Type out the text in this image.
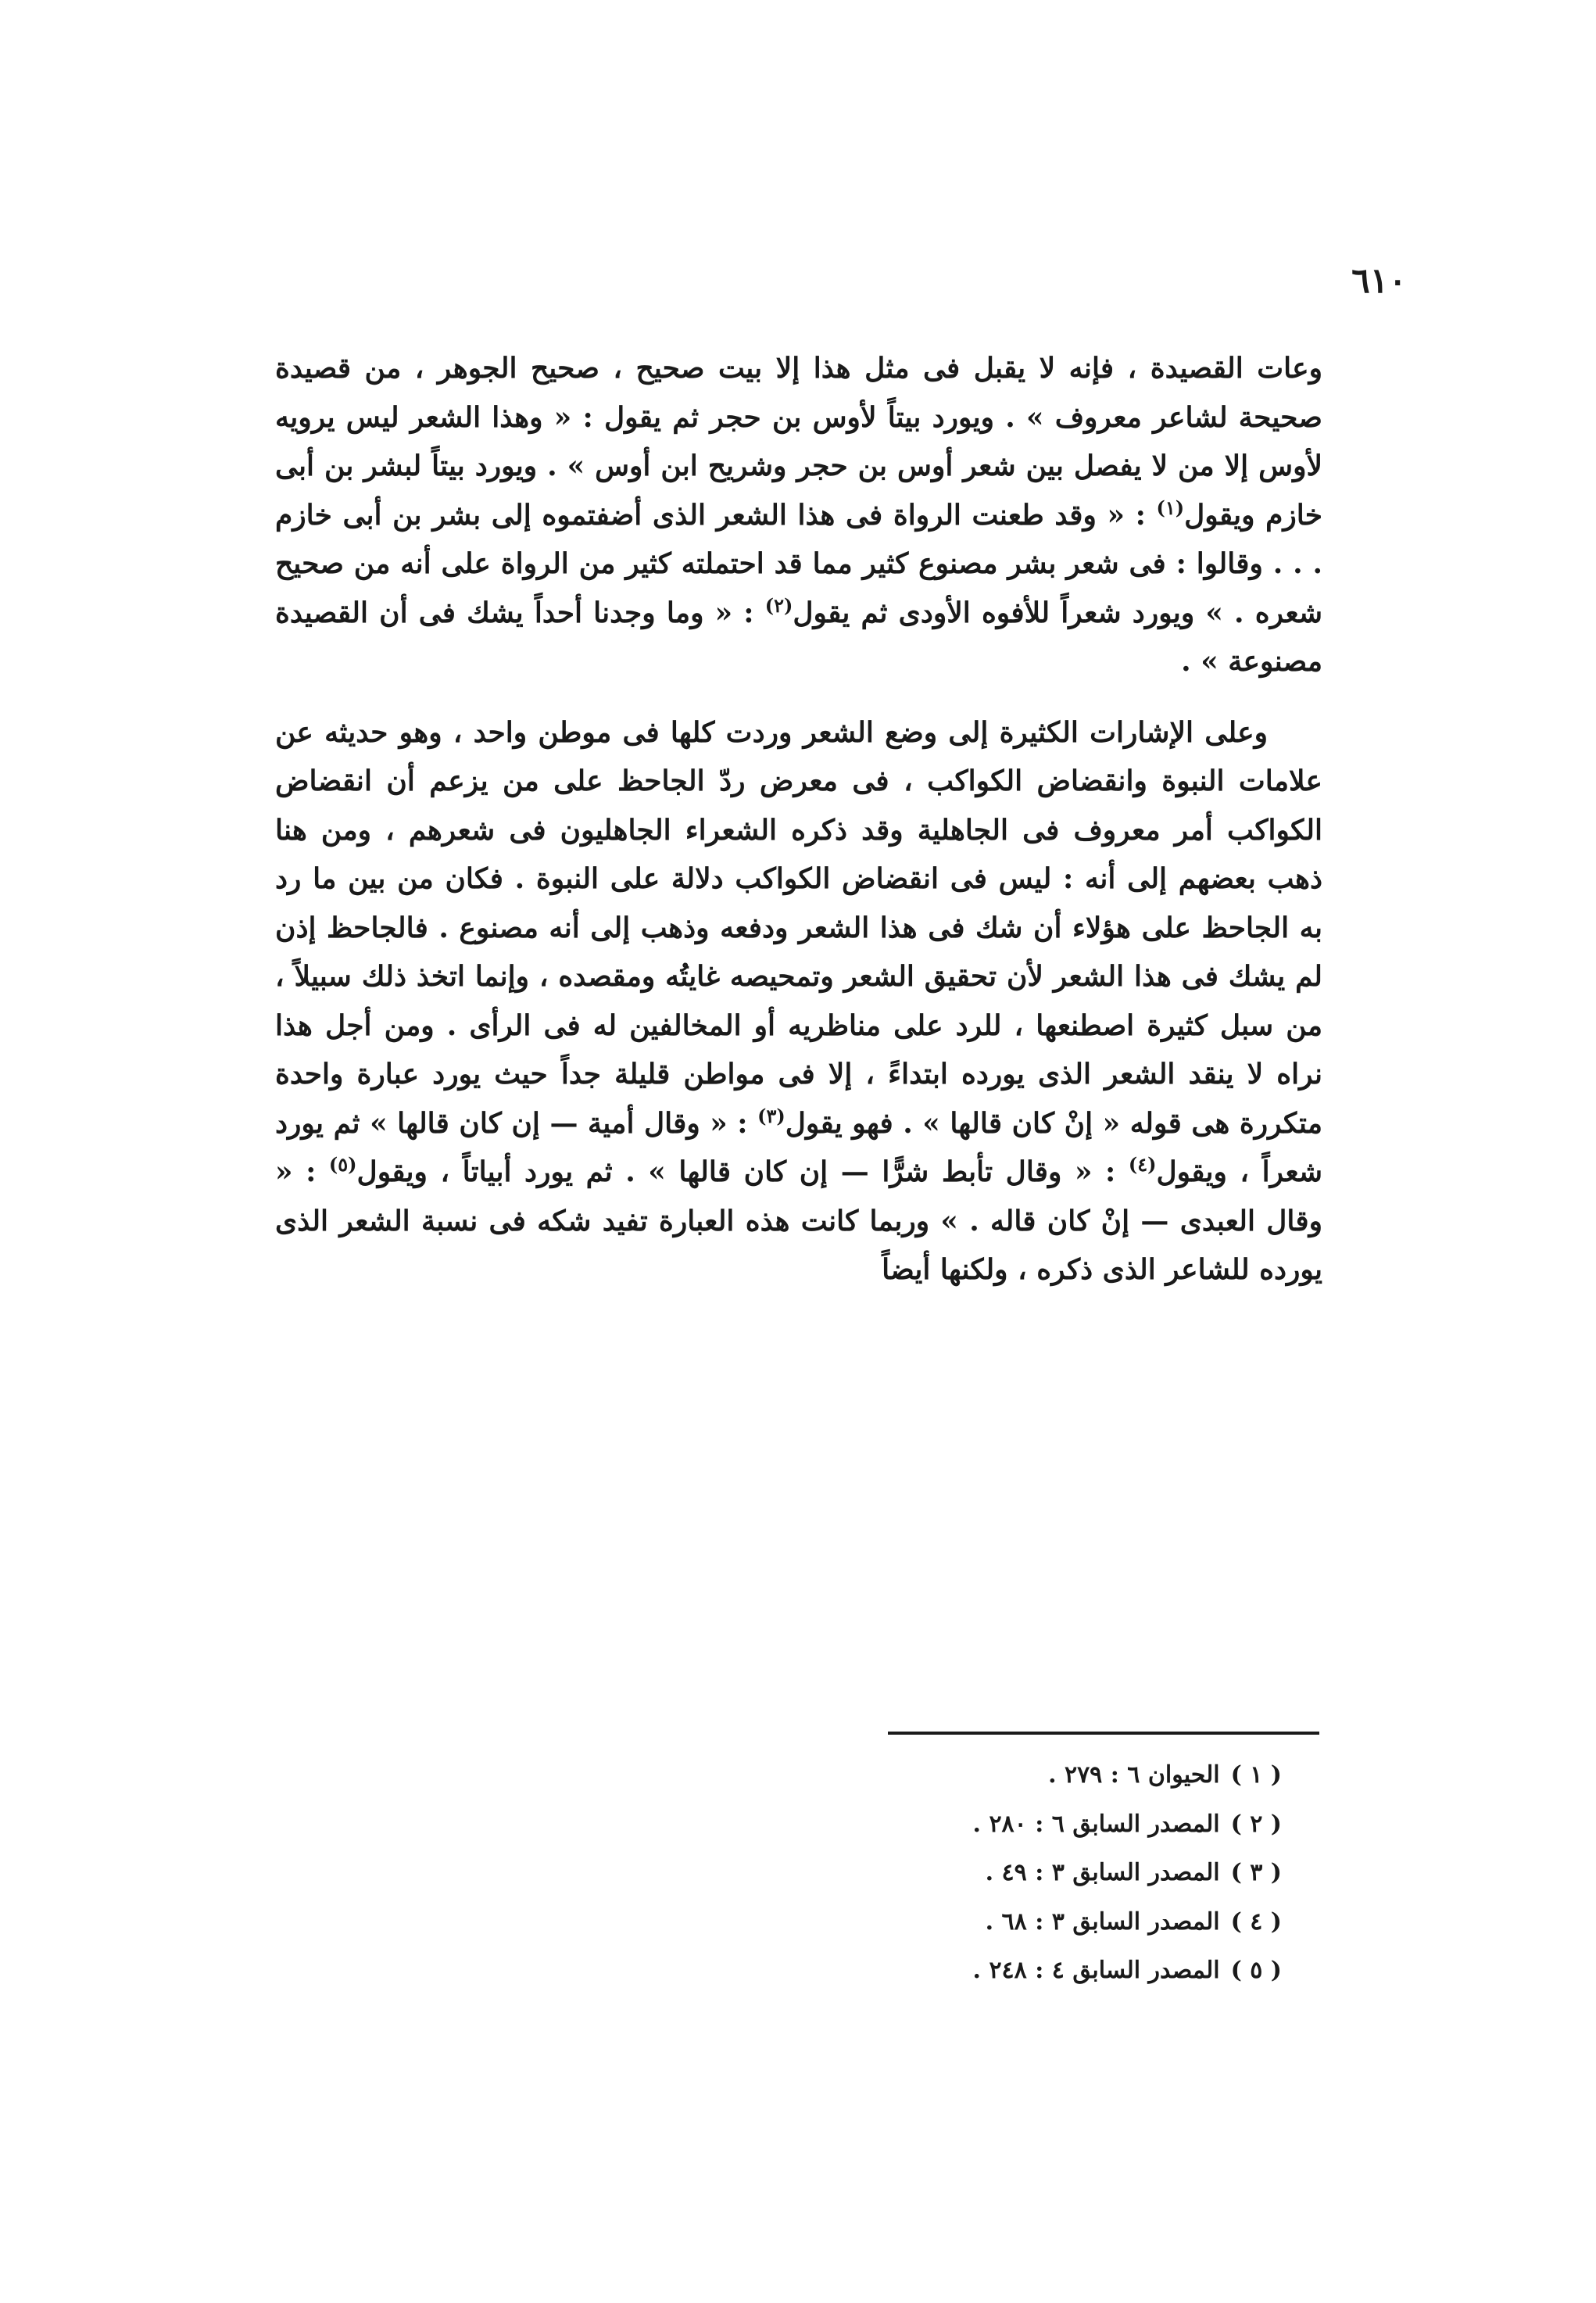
٦١٠

وعات القصيدة ، فإنه لا يقبل فى مثل هذا إلا بيت صحيح ، صحيح الجوهر ، من قصيدة صحيحة لشاعر معروف » . ويورد بيتاً لأوس بن حجر ثم يقول : « وهذا الشعر ليس يرويه لأوس إلا من لا يفصل بين شعر أوس بن حجر وشريح ابن أوس » . ويورد بيتاً لبشر بن أبى خازم ويقول$^{(١)}$ : « وقد طعنت الرواة فى هذا الشعر الذى أضفتموه إلى بشر بن أبى خازم . . . وقالوا : فى شعر بشر مصنوع كثير مما قد احتملته كثير من الرواة على أنه من صحيح شعره . » ويورد شعراً للأفوه الأودى ثم يقول$^{(٢)}$ : « وما وجدنا أحداً يشك فى أن القصيدة مصنوعة » .

وعلى الإشارات الكثيرة إلى وضع الشعر وردت كلها فى موطن واحد ، وهو حديثه عن علامات النبوة وانقضاض الكواكب ، فى معرض ردّ الجاحظ على من يزعم أن انقضاض الكواكب أمر معروف فى الجاهلية وقد ذكره الشعراء الجاهليون فى شعرهم ، ومن هنا ذهب بعضهم إلى أنه : ليس فى انقضاض الكواكب دلالة على النبوة . فكان من بين ما رد به الجاحظ على هؤلاء أن شك فى هذا الشعر ودفعه وذهب إلى أنه مصنوع . فالجاحظ إذن لم يشك فى هذا الشعر لأن تحقيق الشعر وتمحيصه غايتُه ومقصده ، وإنما اتخذ ذلك سبيلاً ، من سبل كثيرة اصطنعها ، للرد على مناظريه أو المخالفين له فى الرأى . ومن أجل هذا نراه لا ينقد الشعر الذى يورده ابتداءً ، إلا فى مواطن قليلة جداً حيث يورد عبارة واحدة متكررة هى قوله « إنْ كان قالها » . فهو يقول$^{(٣)}$ : « وقال أمية — إن كان قالها » ثم يورد شعراً ، ويقول$^{(٤)}$ : « وقال تأبط شرًّا — إن كان قالها » . ثم يورد أبياتاً ، ويقول$^{(٥)}$ : « وقال العبدى — إنْ كان قاله . » وربما كانت هذه العبارة تفيد شكه فى نسبة الشعر الذى يورده للشاعر الذى ذكره ، ولكنها أيضاً

( ١ )الحيوان ٦ : ٢٧٩ .
( ٢ )المصدر السابق ٦ : ٢٨٠ .
( ٣ )المصدر السابق ٣ : ٤٩ .
( ٤ )المصدر السابق ٣ : ٦٨ .
( ٥ )المصدر السابق ٤ : ٢٤٨ .
